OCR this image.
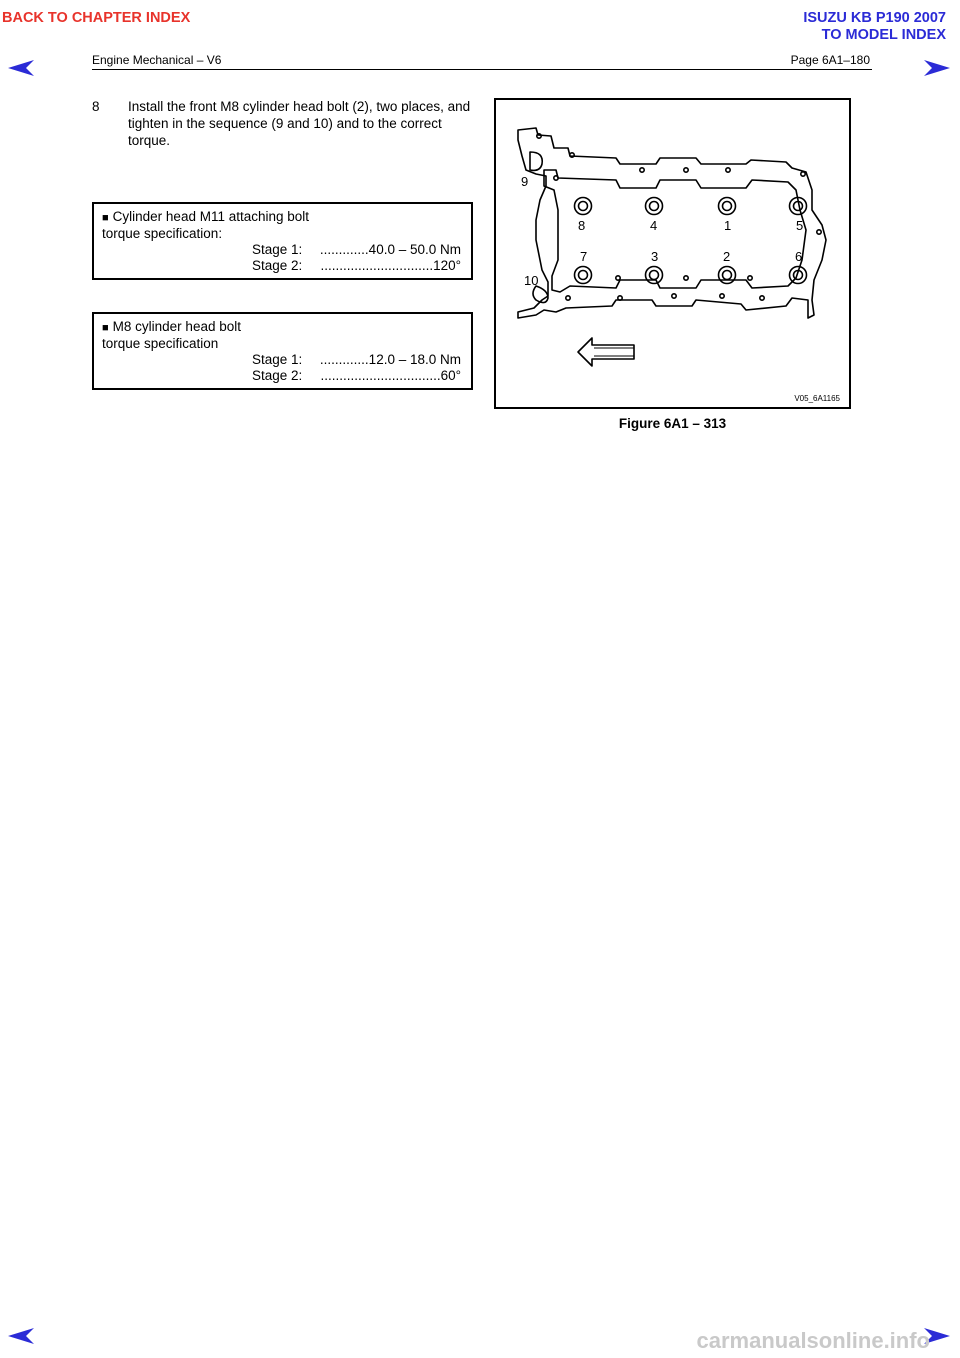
BACK TO CHAPTER INDEX	ISUZU KB P190 2007
TO MODEL INDEX
Engine Mechanical – V6	Page 6A1–180
8 Install the front M8 cylinder head bolt (2), two places, and tighten in the sequence (9 and 10) and to the correct torque.
■ Cylinder head M11 attaching bolt
torque specification:
Stage 1: .............40.0 – 50.0 Nm
Stage 2: ..............................120°
■ M8 cylinder head bolt
torque specification
Stage 1: .............12.0 – 18.0 Nm
Stage 2: ................................60°
9
8	4	1	5
7	3	2	6
10
V05_6A1165
Figure 6A1 – 313
carmanualsonline.info
